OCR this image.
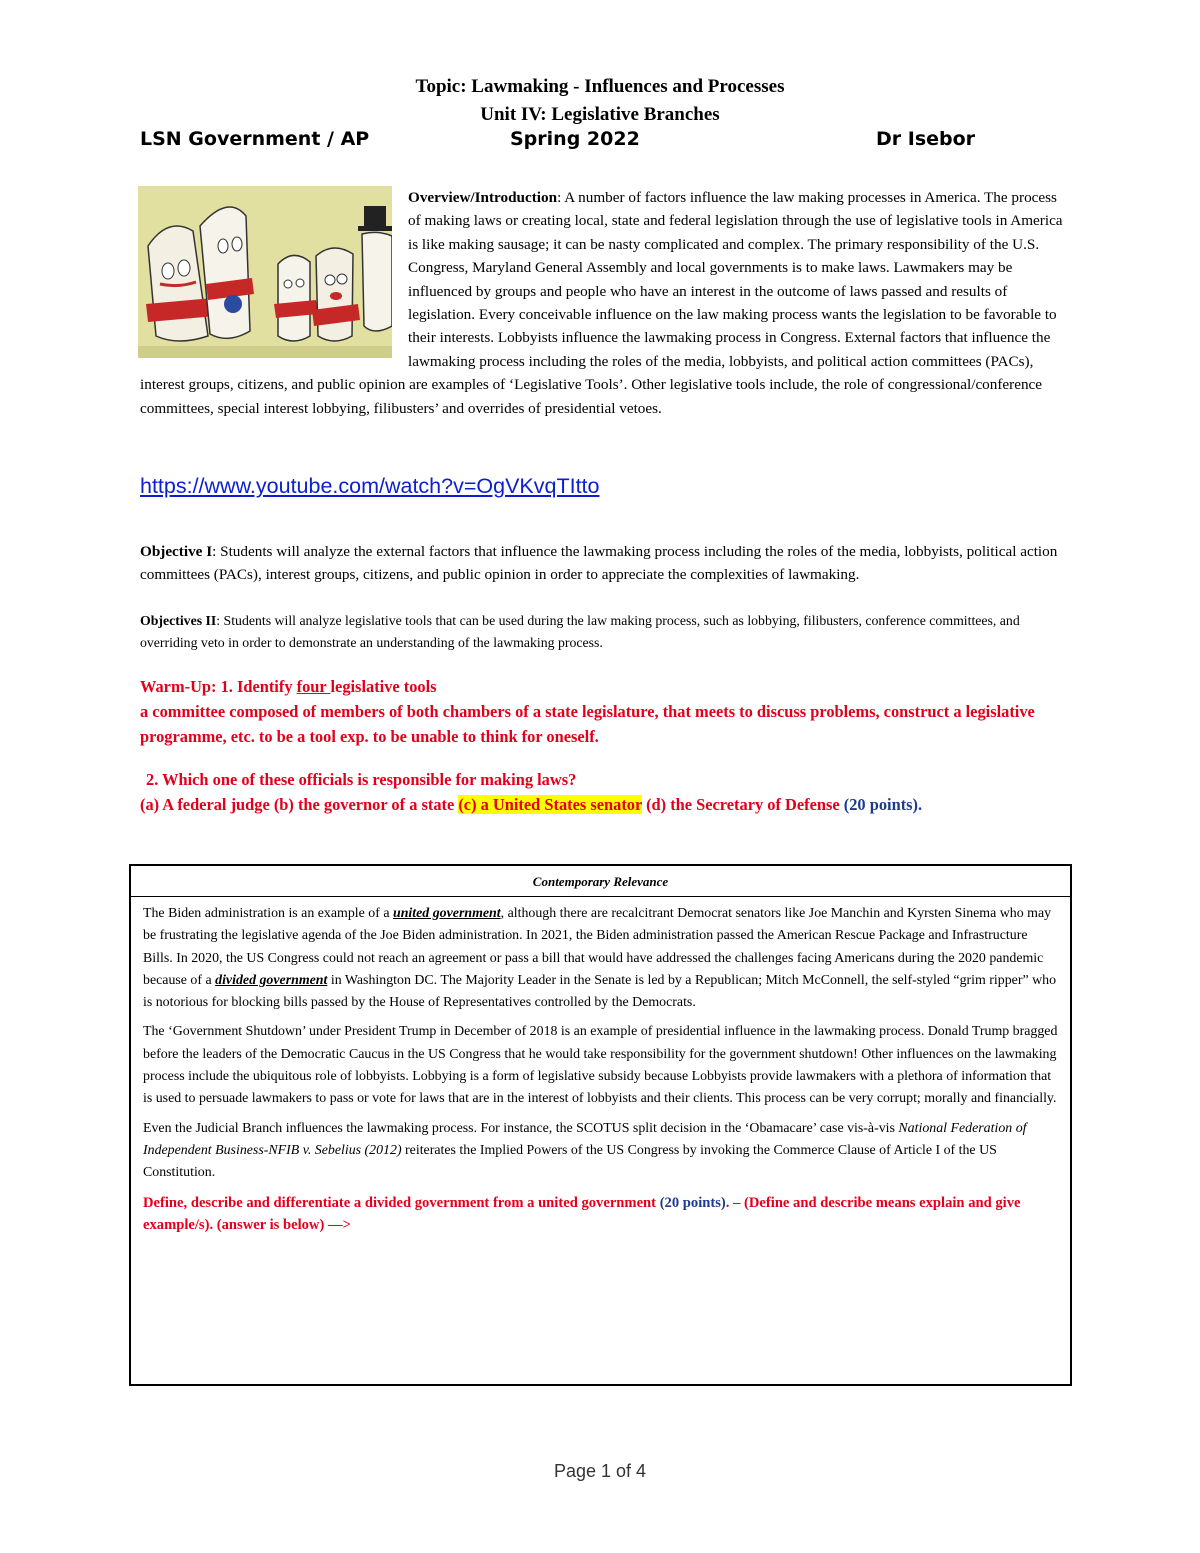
Topic: Lawmaking - Influences and Processes
Unit IV: Legislative Branches
LSN Government / AP	Spring 2022	Dr Isebor
Overview/Introduction: A number of factors influence the law making processes in America. The process of making laws or creating local, state and federal legislation through the use of legislative tools in America is like making sausage; it can be nasty complicated and complex. The primary responsibility of the U.S. Congress, Maryland General Assembly and local governments is to make laws. Lawmakers may be influenced by groups and people who have an interest in the outcome of laws passed and results of legislation. Every conceivable influence on the law making process wants the legislation to be favorable to their interests. Lobbyists influence the lawmaking process in Congress. External factors that influence the lawmaking process including the roles of the media, lobbyists, and political action committees (PACs), interest groups, citizens, and public opinion are examples of ‘Legislative Tools’. Other legislative tools include, the role of congressional/conference committees, special interest lobbying, filibusters’ and overrides of presidential vetoes.
https://www.youtube.com/watch?v=OgVKvqTItto
Objective I: Students will analyze the external factors that influence the lawmaking process including the roles of the media, lobbyists, political action committees (PACs), interest groups, citizens, and public opinion in order to appreciate the complexities of lawmaking.
Objectives II: Students will analyze legislative tools that can be used during the law making process, such as lobbying, filibusters, conference committees, and overriding veto in order to demonstrate an understanding of the lawmaking process.
Warm-Up: 1. Identify four legislative tools
a committee composed of members of both chambers of a state legislature, that meets to discuss problems, construct a legislative programme, etc. to be a tool exp. to be unable to think for oneself.
2. Which one of these officials is responsible for making laws?
(a) A federal judge (b) the governor of a state (c) a United States senator (d) the Secretary of Defense (20 points).
Contemporary Relevance

The Biden administration is an example of a united government, although there are recalcitrant Democrat senators like Joe Manchin and Kyrsten Sinema who may be frustrating the legislative agenda of the Joe Biden administration. In 2021, the Biden administration passed the American Rescue Package and Infrastructure Bills. In 2020, the US Congress could not reach an agreement or pass a bill that would have addressed the challenges facing Americans during the 2020 pandemic because of a divided government in Washington DC. The Majority Leader in the Senate is led by a Republican; Mitch McConnell, the self-styled “grim ripper” who is notorious for blocking bills passed by the House of Representatives controlled by the Democrats.

The ‘Government Shutdown’ under President Trump in December of 2018 is an example of presidential influence in the lawmaking process. Donald Trump bragged before the leaders of the Democratic Caucus in the US Congress that he would take responsibility for the government shutdown! Other influences on the lawmaking process include the ubiquitous role of lobbyists. Lobbying is a form of legislative subsidy because Lobbyists provide lawmakers with a plethora of information that is used to persuade lawmakers to pass or vote for laws that are in the interest of lobbyists and their clients. This process can be very corrupt; morally and financially.

Even the Judicial Branch influences the lawmaking process. For instance, the SCOTUS split decision in the ‘Obamacare’ case vis-à-vis National Federation of Independent Business-NFIB v. Sebelius (2012) reiterates the Implied Powers of the US Congress by invoking the Commerce Clause of Article I of the US Constitution.

Define, describe and differentiate a divided government from a united government (20 points). – (Define and describe means explain and give example/s). (answer is below) —>

Page 1 of 4
